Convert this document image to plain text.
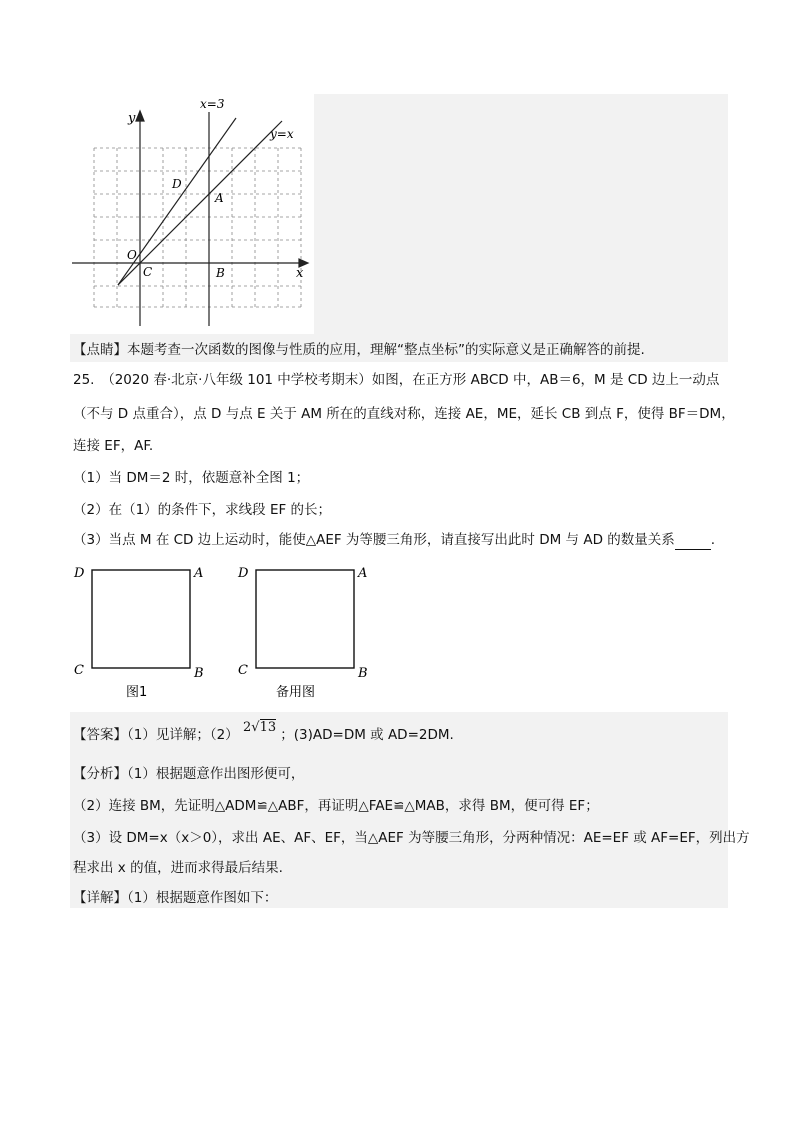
y
x
x=3
y=x
D
A
O
C	B
【点睛】本题考查一次函数的图像与性质的应用，理解“整点坐标”的实际意义是正确解答的前提.
25.　（2020 春·北京·八年级 101 中学校考期末）如图，在正方形 ABCD 中，AB＝6，M 是 CD 边上一动点
（不与 D 点重合），点 D 与点 E 关于 AM 所在的直线对称，连接 AE，ME，延长 CB 到点 F，使得 BF＝DM，
连接 EF，AF.
（1）当 DM＝2 时，依题意补全图 1；
（2）在（1）的条件下，求线段 EF 的长；
（3）当点 M 在 CD 边上运动时，能使△AEF 为等腰三角形，请直接写出此时 DM 与 AD 的数量关系	.
D	A
C	B
图1
D	A
C	B
备用图
【答案】（1）见详解；（2） 2√13 ；(3)AD=DM 或 AD=2DM.
【分析】（1）根据题意作出图形便可，
（2）连接 BM，先证明△ADM≌△ABF，再证明△FAE≌△MAB，求得 BM，便可得 EF；
（3）设 DM=x（x＞0），求出 AE、AF、EF，当△AEF 为等腰三角形，分两种情况：AE=EF 或 AF=EF，列出方
程求出 x 的值，进而求得最后结果.
【详解】（1）根据题意作图如下：
